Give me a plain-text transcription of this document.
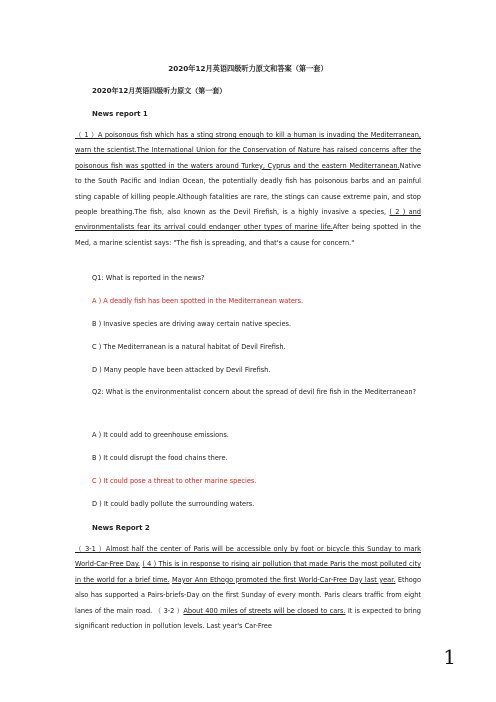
2020年12月英语四级听力原文和答案（第一套）
2020年12月英语四级听力原文（第一套）
News report 1

（ 1 ）A poisonous fish which has a sting strong enough to kill a human is invading the Mediterranean, warn the scientist.The International Union for the Conservation of Nature has raised concerns after the poisonous fish was spotted in the waters around Turkey, Cyprus and the eastern Mediterranean.Native to the South Pacific and Indian Ocean, the potentially deadly fish has poisonous barbs and an painful sting capable of killing people.Although fatalities are rare, the stings can cause extreme pain, and stop people breathing.The fish, also known as the Devil Firefish, is a highly invasive a species, ( 2 ) and environmentalists fear its arrival could endanger other types of marine life.After being spotted in the Med, a marine scientist says: "The fish is spreading, and that's a cause for concern."

Q1: What is reported in the news?
A ) A deadly fish has been spotted in the Mediterranean waters.
B ) Invasive species are driving away certain native species.
C ) The Mediterranean is a natural habitat of Devil Firefish.
D ) Many people have been attacked by Devil Firefish.

Q2: What is the environmentalist concern about the spread of devil fire fish in the Mediterranean?

A ) It could add to greenhouse emissions.
B ) It could disrupt the food chains there.
C ) It could pose a threat to other marine species.
D ) It could badly pollute the surrounding waters.
News Report 2

（ 3-1 ）Almost half the center of Paris will be accessible only by foot or bicycle this Sunday to mark World-Car-Free Day. ( 4 ) This is in response to rising air pollution that made Paris the most polluted city in the world for a brief time. Mayor Ann Ethogo promoted the first World-Car-Free Day last year. Ethogo also has supported a Pairs-briefs-Day on the first Sunday of every month. Paris clears traffic from eight lanes of the main road. （ 3-2 ）About 400 miles of streets will be closed to cars. It is expected to bring significant reduction in pollution levels. Last year's Car-Free

1
